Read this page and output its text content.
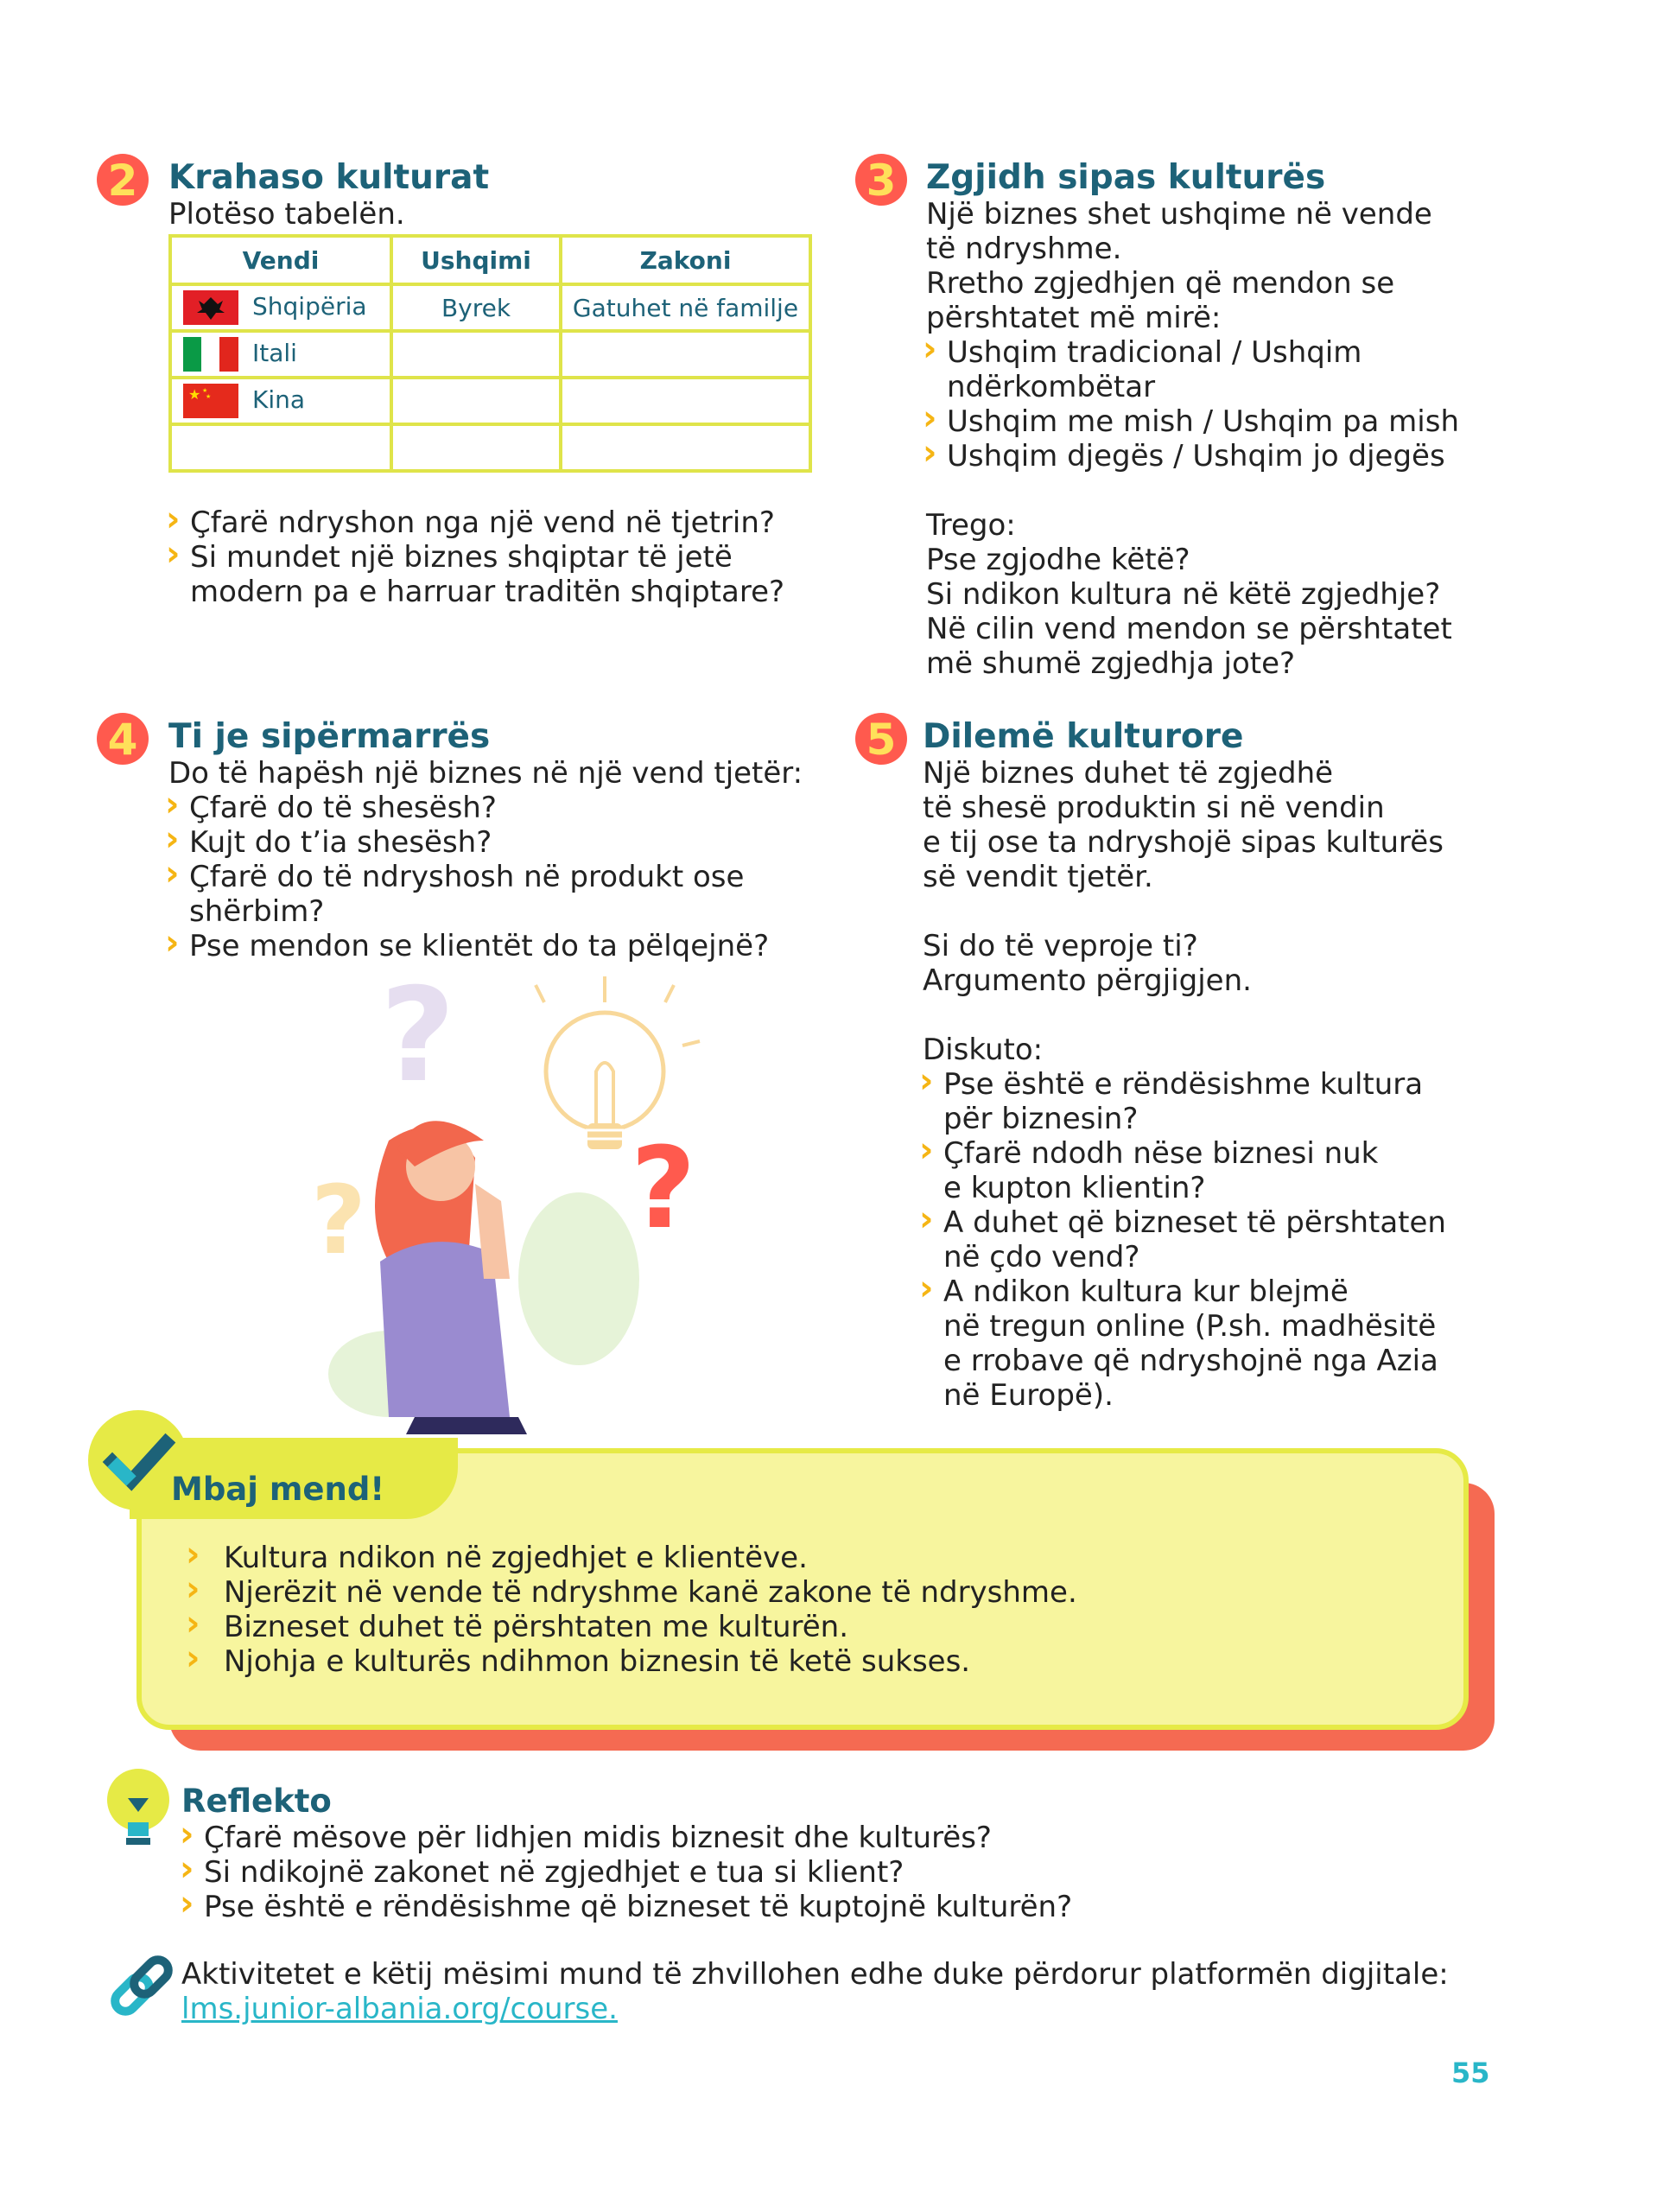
2 Krahaso kulturat
Plotëso tabelën.
Vendi	Ushqimi	Zakoni

Shqipëria	Byrek	Gatuhet në familje
Itali		

★ ★
★ Kina		

› Çfarë ndryshon nga një vend në tjetrin?

› Si mundet një biznes shqiptar të jetë

modern pa e harruar traditën shqiptare?

3 Zgjidh sipas kulturës

Një biznes shet ushqime në vende

të ndryshme.

Rretho zgjedhjen që mendon se

përshtatet më mirë:

› Ushqim tradicional / Ushqim

ndërkombëtar

› Ushqim me mish / Ushqim pa mish

› Ushqim djegës / Ushqim jo djegës

Trego:

Pse zgjodhe këtë?

Si ndikon kultura në këtë zgjedhje?

Në cilin vend mendon se përshtatet

më shumë zgjedhja jote?

4 Ti je sipërmarrës

Do të hapësh një biznes në një vend tjetër:

› Çfarë do të shesësh?

› Kujt do t’ia shesësh?

› Çfarë do të ndryshosh në produkt ose

shërbim?

› Pse mendon se klientët do ta pëlqejnë?

?
? ?
5 Dilemë kulturore

Një biznes duhet të zgjedhë

të shesë produktin si në vendin

e tij ose ta ndryshojë sipas kulturës

së vendit tjetër.

Si do të veproje ti?

Argumento përgjigjen.

Diskuto:

› Pse është e rëndësishme kultura

për biznesin?

› Çfarë ndodh nëse biznesi nuk

e kupton klientin?

› A duhet që bizneset të përshtaten

në çdo vend?

› A ndikon kultura kur blejmë

në tregun online (P.sh. madhësitë

e rrobave që ndryshojnë nga Azia

në Europë).

Mbaj mend!

› Kultura ndikon në zgjedhjet e klientëve.

› Njerëzit në vende të ndryshme kanë zakone të ndryshme.

› Bizneset duhet të përshtaten me kulturën.

› Njohja e kulturës ndihmon biznesin të ketë sukses.

Reflekto

› Çfarë mësove për lidhjen midis biznesit dhe kulturës?

› Si ndikojnë zakonet në zgjedhjet e tua si klient?

› Pse është e rëndësishme që bizneset të kuptojnë kulturën?

Aktivitetet e këtij mësimi mund të zhvillohen edhe duke përdorur platformën digjitale:

lms.junior-albania.org/course.

55
